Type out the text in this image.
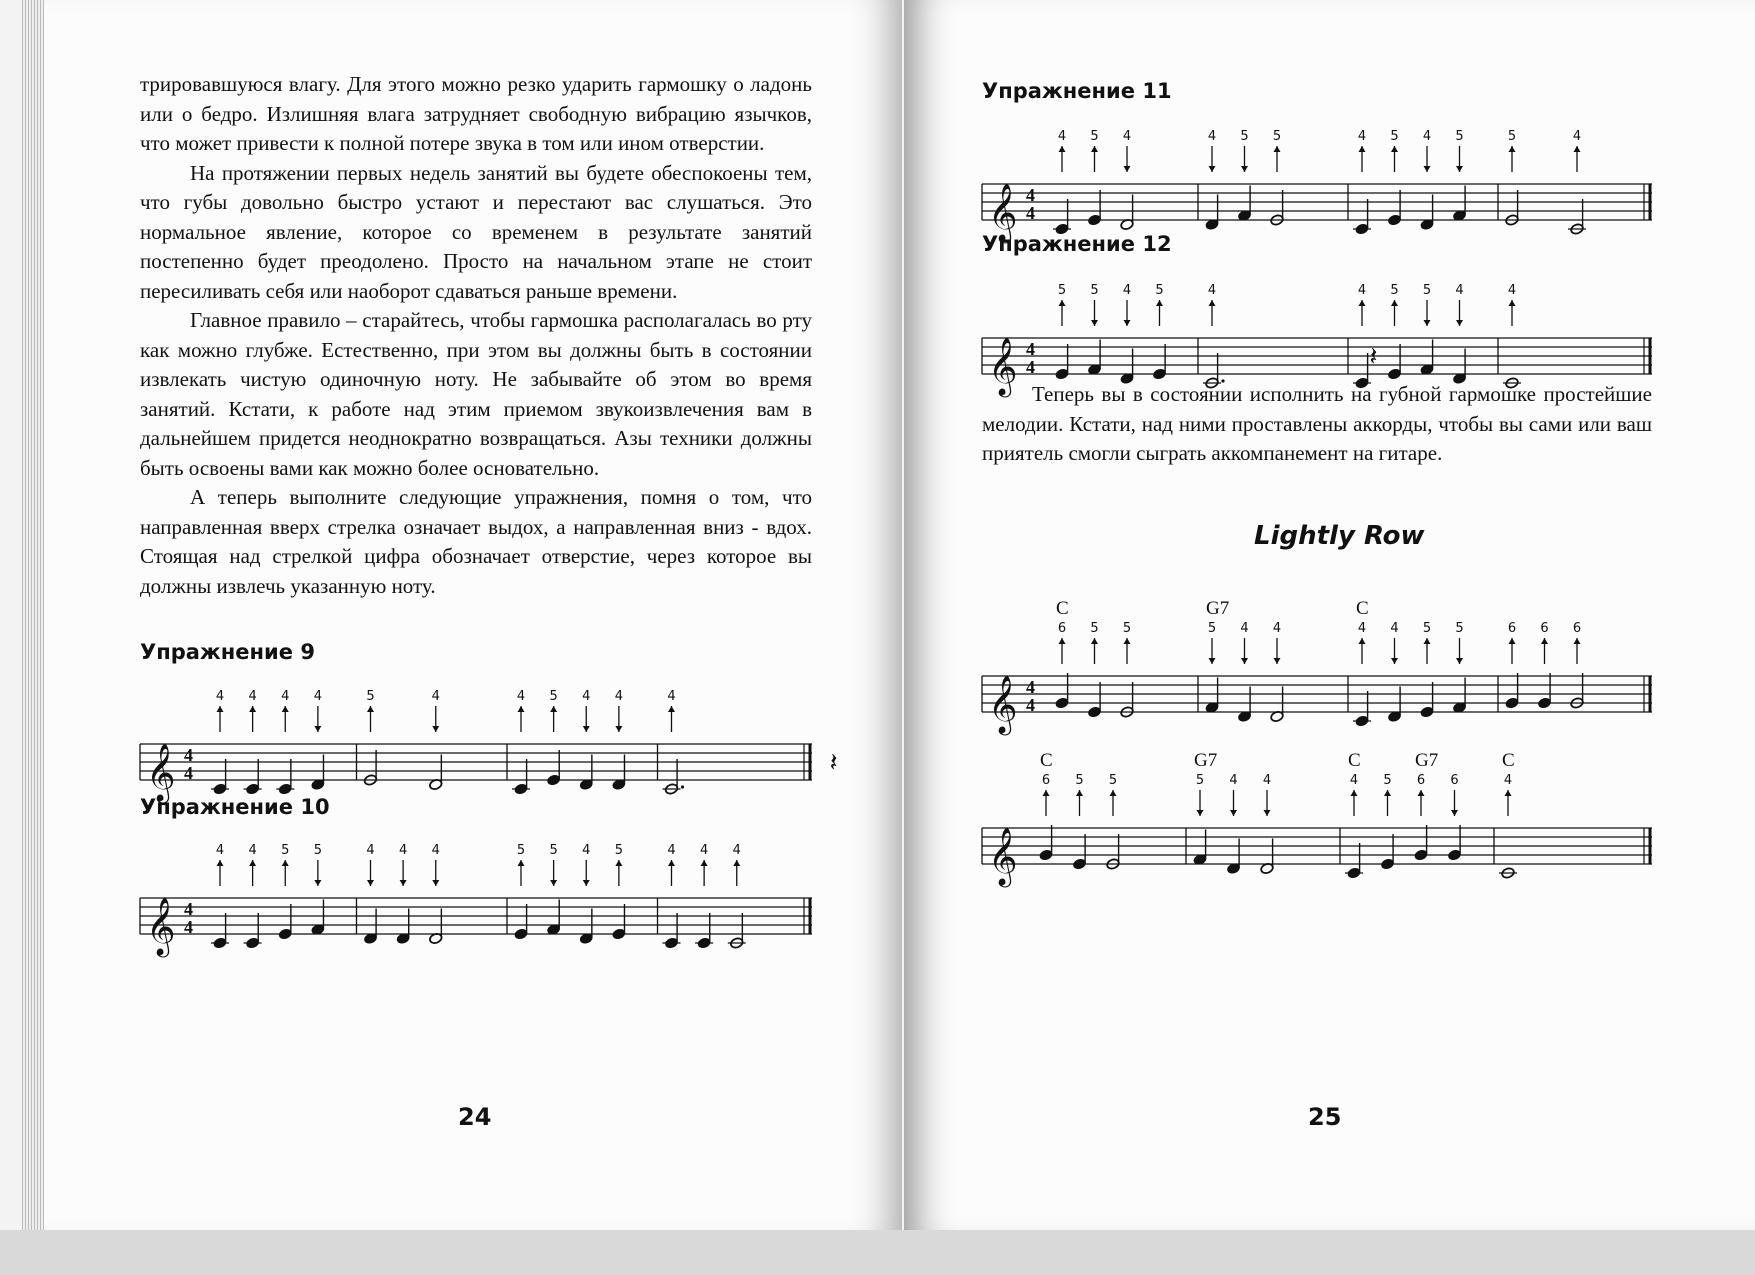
трировавшуюся влагу. Для этого можно резко ударить гармошку о ладонь или о бедро. Излишняя влага затрудняет свободную вибрацию язычков, что может привести к полной потере звука в том или ином отверстии.

На протяжении первых недель занятий вы будете обеспокоены тем, что губы довольно быстро устают и перестают вас слушаться. Это нормальное явление, которое со временем в результате занятий постепенно будет преодолено. Просто на начальном этапе не стоит пересиливать себя или наоборот сдаваться раньше времени.

Главное правило – старайтесь, чтобы гармошка располагалась во рту как можно глубже. Естественно, при этом вы должны быть в состоянии извлекать чистую одиночную ноту. Не забывайте об этом во время занятий. Кстати, к работе над этим приемом звукоизвлечения вам в дальнейшем придется неоднократно возвращаться. Азы техники должны быть освоены вами как можно более основательно.

А теперь выполните следующие упражнения, помня о том, что направленная вверх стрелка означает выдох, а направленная вниз - вдох. Стоящая над стрелкой цифра обозначает отверстие, через которое вы должны извлечь указанную ноту.

Упражнение 9
𝄞 4
4
4 4 4 4	5	4	4 5 4 4	4
𝄽
Упражнение 10
𝄞 4
4
4 4 5 5	4 4 4	5 5 4 5	4 4 4
24
Упражнение 11
𝄞 4
4
4 5 4	4 5 5	4 5 4 5	5	4
Упражнение 12
𝄞 4
4
5 5 4 5	4
𝄽
4 5 5 4	4

Теперь вы в состоянии исполнить на губной гармошке простейшие мелодии. Кстати, над ними проставлены аккорды, чтобы вы сами или ваш приятель смогли сыграть аккомпанемент на гитаре.

Lightly Row
𝄞 4
4
6 5 5	5 4 4	4 4 5 5	6 6 6
C	G7	C
𝄞
6 5 5	5 4 4	4 5 6 6	4
C	G7	C	G7	C
25
